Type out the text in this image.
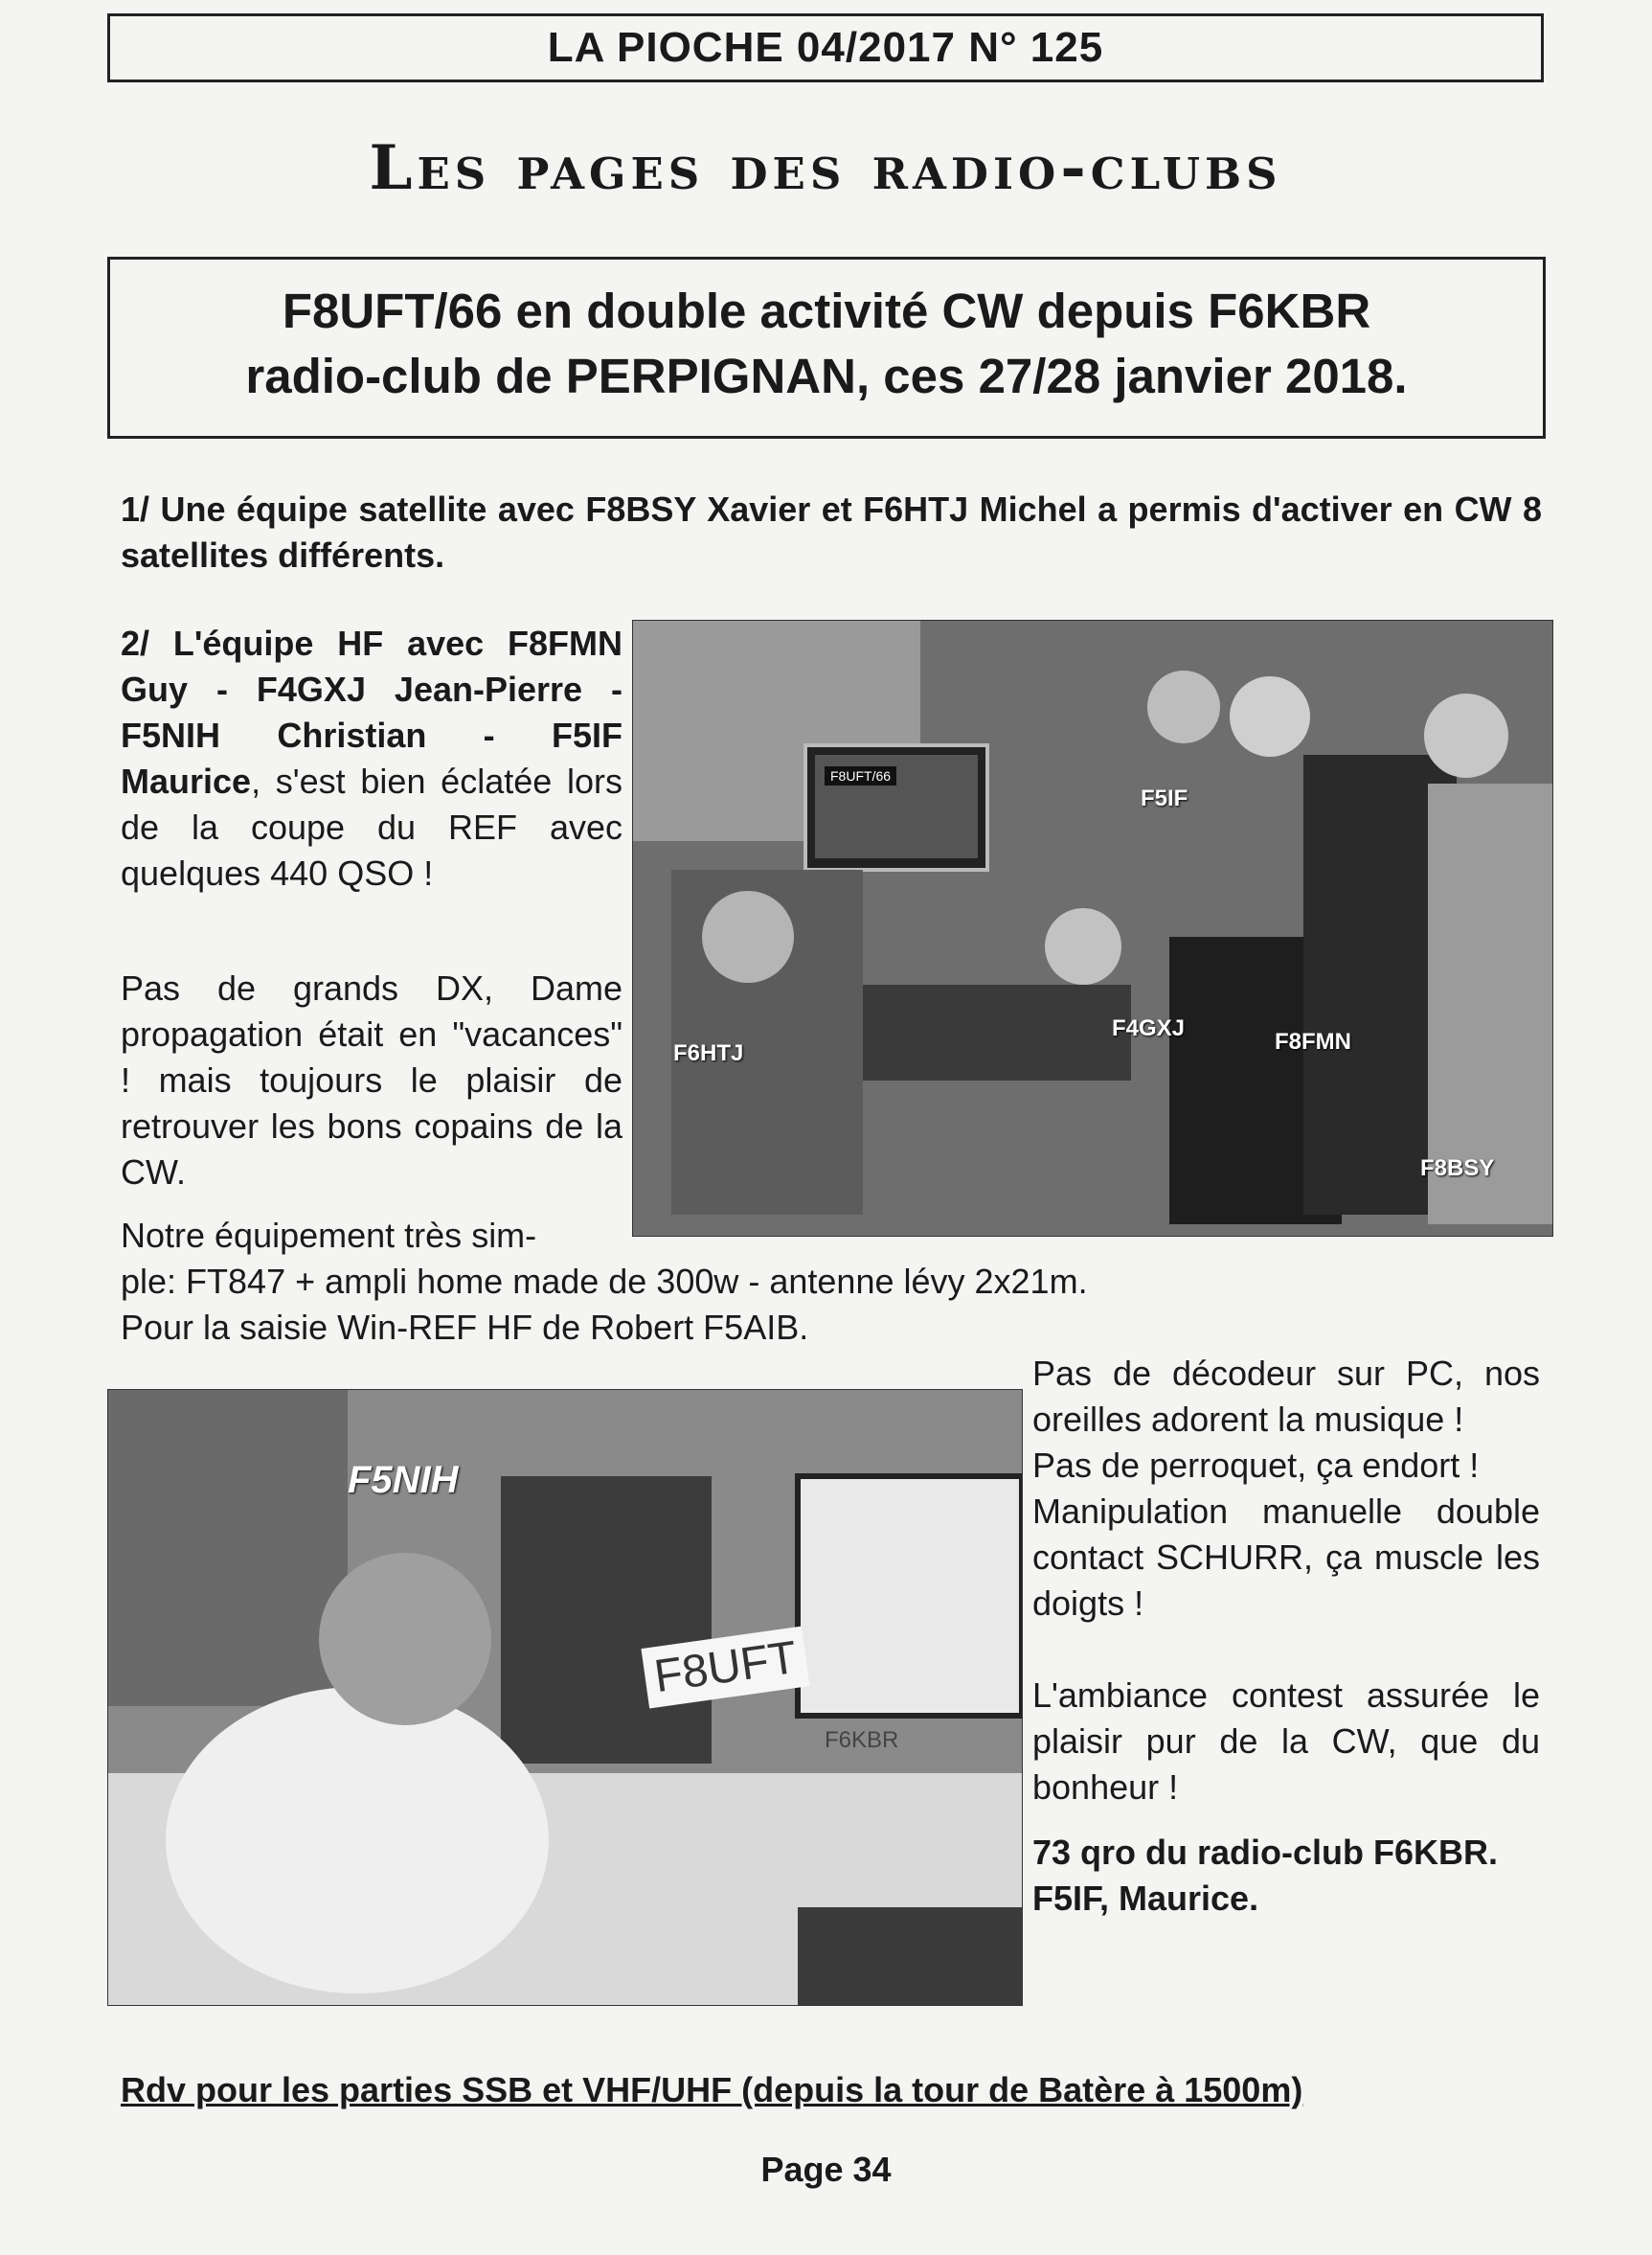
LA PIOCHE 04/2017 N° 125
Les pages des radio-clubs
F8UFT/66 en double activité CW depuis F6KBR
radio-club de PERPIGNAN, ces 27/28 janvier 2018.
1/ Une équipe satellite avec F8BSY Xavier et F6HTJ Michel a permis d'activer en CW 8 satellites différents.
2/ L'équipe HF avec F8FMN Guy - F4GXJ Jean-Pierre - F5NIH Christian - F5IF Maurice, s'est bien éclatée lors de la coupe du REF avec quelques 440 QSO !
Pas de grands DX, Dame propagation était en "vacances" ! mais toujours le plaisir de retrouver les bons copains de la CW.
Notre équipement très sim-
ple: FT847 + ampli home made de 300w - antenne lévy 2x21m.
Pour la saisie Win-REF HF de Robert F5AIB.
F8UFT/66
F5IF
F6HTJ
F4GXJ
F8FMN
F8BSY
F5NIH
F8UFT
F6KBR
Pas de décodeur sur PC, nos oreilles adorent la musique !
Pas de perroquet, ça endort !
Manipulation manuelle double contact SCHURR, ça muscle les doigts !
L'ambiance contest assurée le plaisir pur de la CW, que du bonheur !
73 qro du radio-club F6KBR.
F5IF, Maurice.
Rdv pour les parties SSB et VHF/UHF (depuis la tour de Batère à 1500m)
Page 34
